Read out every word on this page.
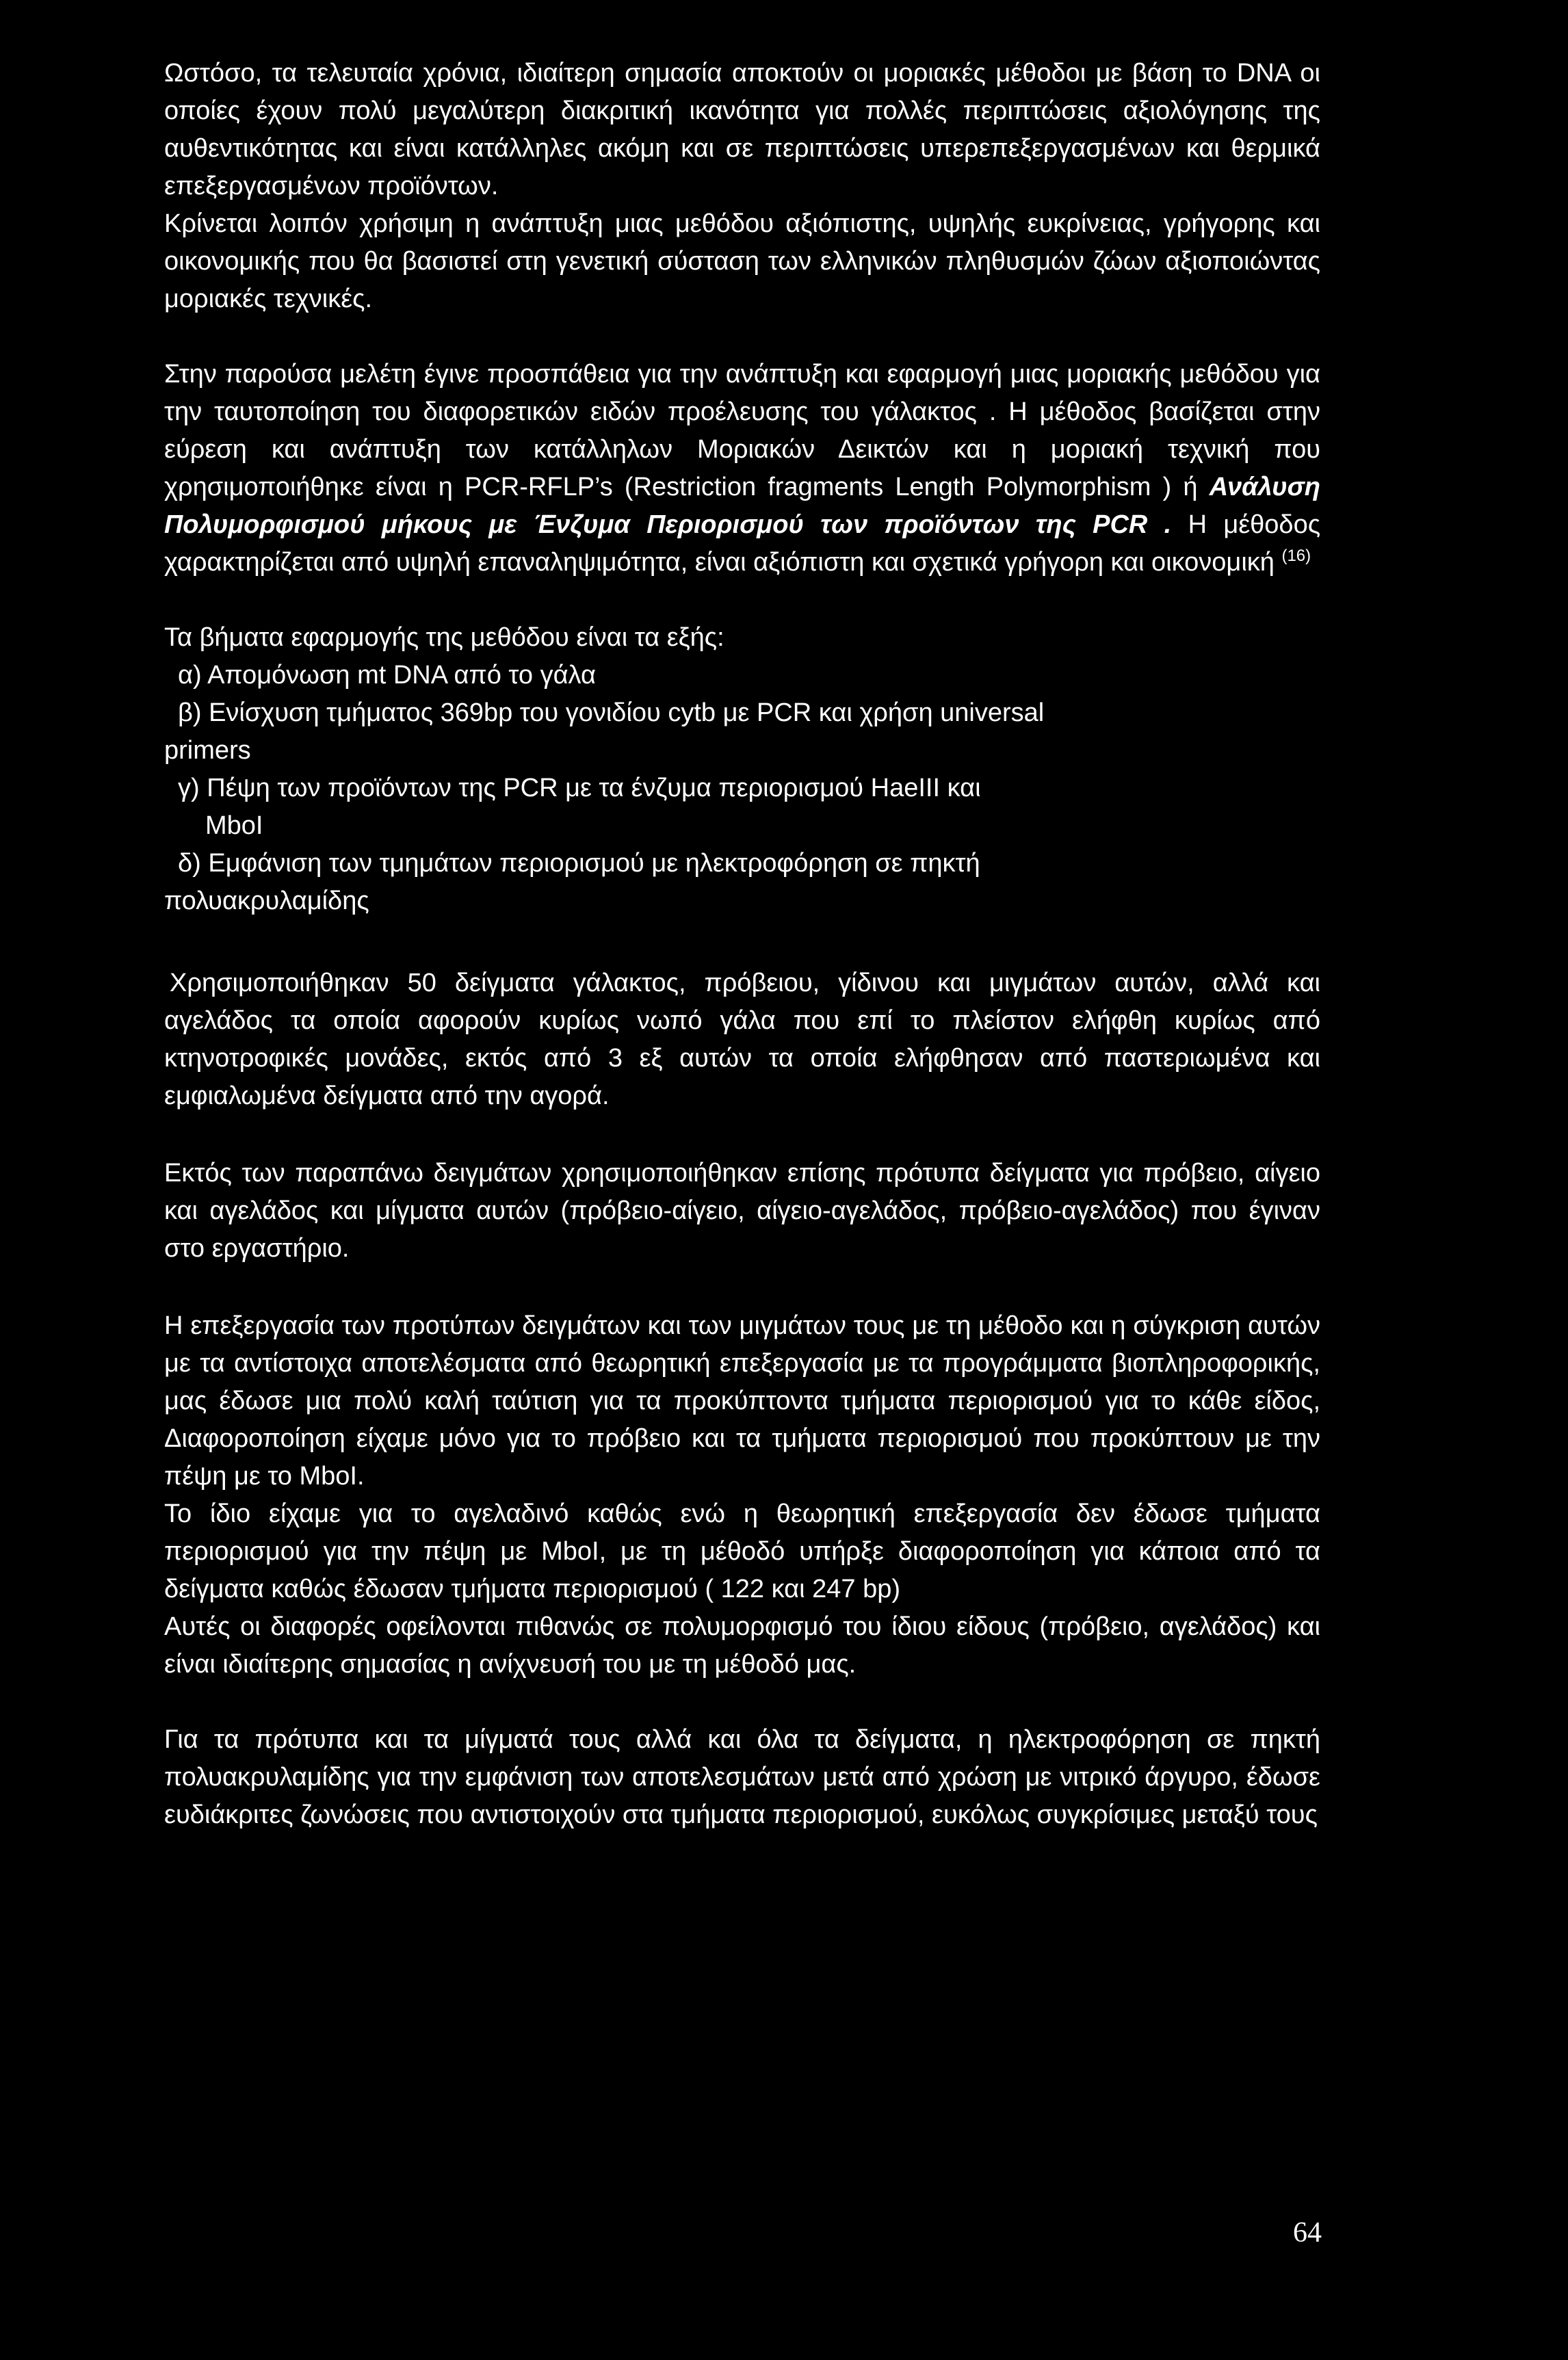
Ωστόσο, τα τελευταία χρόνια, ιδιαίτερη σημασία αποκτούν οι μοριακές μέθοδοι με βάση το DNA οι οποίες έχουν πολύ μεγαλύτερη διακριτική ικανότητα για πολλές περιπτώσεις αξιολόγησης της αυθεντικότητας και είναι κατάλληλες ακόμη και σε περιπτώσεις υπερεπεξεργασμένων και θερμικά επεξεργασμένων προϊόντων.

Κρίνεται λοιπόν χρήσιμη η ανάπτυξη μιας μεθόδου αξιόπιστης, υψηλής ευκρίνειας, γρήγορης και οικονομικής που θα βασιστεί στη γενετική σύσταση των ελληνικών πληθυσμών ζώων αξιοποιώντας μοριακές τεχνικές.

Στην παρούσα μελέτη έγινε προσπάθεια για την ανάπτυξη και εφαρμογή μιας μοριακής μεθόδου για την ταυτοποίηση του διαφορετικών ειδών προέλευσης του γάλακτος . Η μέθοδος βασίζεται στην εύρεση και ανάπτυξη των κατάλληλων Μοριακών Δεικτών και η μοριακή τεχνική που χρησιμοποιήθηκε είναι η PCR-RFLP’s (Restriction fragments Length Polymorphism ) ή Ανάλυση Πολυμορφισμού μήκους με Ένζυμα Περιορισμού των προϊόντων της PCR . Η μέθοδος χαρακτηρίζεται από υψηλή επαναληψιμότητα, είναι αξιόπιστη και σχετικά γρήγορη και οικονομική $^{(16)}$

Τα βήματα εφαρμογής της μεθόδου είναι τα εξής:

α) Απομόνωση mt DNA από το γάλα

β) Ενίσχυση τμήματος 369bp του γονιδίου cytb με PCR και χρήση universal

primers

γ) Πέψη των προϊόντων της PCR με τα ένζυμα περιορισμού HaeIII και

MboI

δ) Εμφάνιση των τμημάτων περιορισμού με ηλεκτροφόρηση σε πηκτή

πολυακρυλαμίδης

Χρησιμοποιήθηκαν 50 δείγματα γάλακτος, πρόβειου, γίδινου και μιγμάτων αυτών, αλλά και αγελάδος τα οποία αφορούν κυρίως νωπό γάλα που επί το πλείστον ελήφθη κυρίως από κτηνοτροφικές μονάδες, εκτός από 3 εξ αυτών τα οποία ελήφθησαν από παστεριωμένα και εμφιαλωμένα δείγματα από την αγορά.

Εκτός των παραπάνω δειγμάτων χρησιμοποιήθηκαν επίσης πρότυπα δείγματα για πρόβειο, αίγειο και αγελάδος και μίγματα αυτών (πρόβειο-αίγειο, αίγειο-αγελάδος, πρόβειο-αγελάδος) που έγιναν στο εργαστήριο.

Η επεξεργασία των προτύπων δειγμάτων και των μιγμάτων τους με τη μέθοδο και η σύγκριση αυτών με τα αντίστοιχα αποτελέσματα από θεωρητική επεξεργασία με τα προγράμματα βιοπληροφορικής, μας έδωσε μια πολύ καλή ταύτιση για τα προκύπτοντα τμήματα περιορισμού για το κάθε είδος, Διαφοροποίηση είχαμε μόνο για το πρόβειο και τα τμήματα περιορισμού που προκύπτουν με την πέψη με το MboI.

Το ίδιο είχαμε για το αγελαδινό καθώς ενώ η θεωρητική επεξεργασία δεν έδωσε τμήματα περιορισμού για την πέψη με MboI, με τη μέθοδό υπήρξε διαφοροποίηση για κάποια από τα δείγματα καθώς έδωσαν τμήματα περιορισμού ( 122 και 247 bp)

Αυτές οι διαφορές οφείλονται πιθανώς σε πολυμορφισμό του ίδιου είδους (πρόβειο, αγελάδος) και είναι ιδιαίτερης σημασίας η ανίχνευσή του με τη μέθοδό μας.

Για τα πρότυπα και τα μίγματά τους αλλά και όλα τα δείγματα, η ηλεκτροφόρηση σε πηκτή πολυακρυλαμίδης για την εμφάνιση των αποτελεσμάτων μετά από χρώση με νιτρικό άργυρο, έδωσε ευδιάκριτες ζωνώσεις που αντιστοιχούν στα τμήματα περιορισμού, ευκόλως συγκρίσιμες μεταξύ τους

64
